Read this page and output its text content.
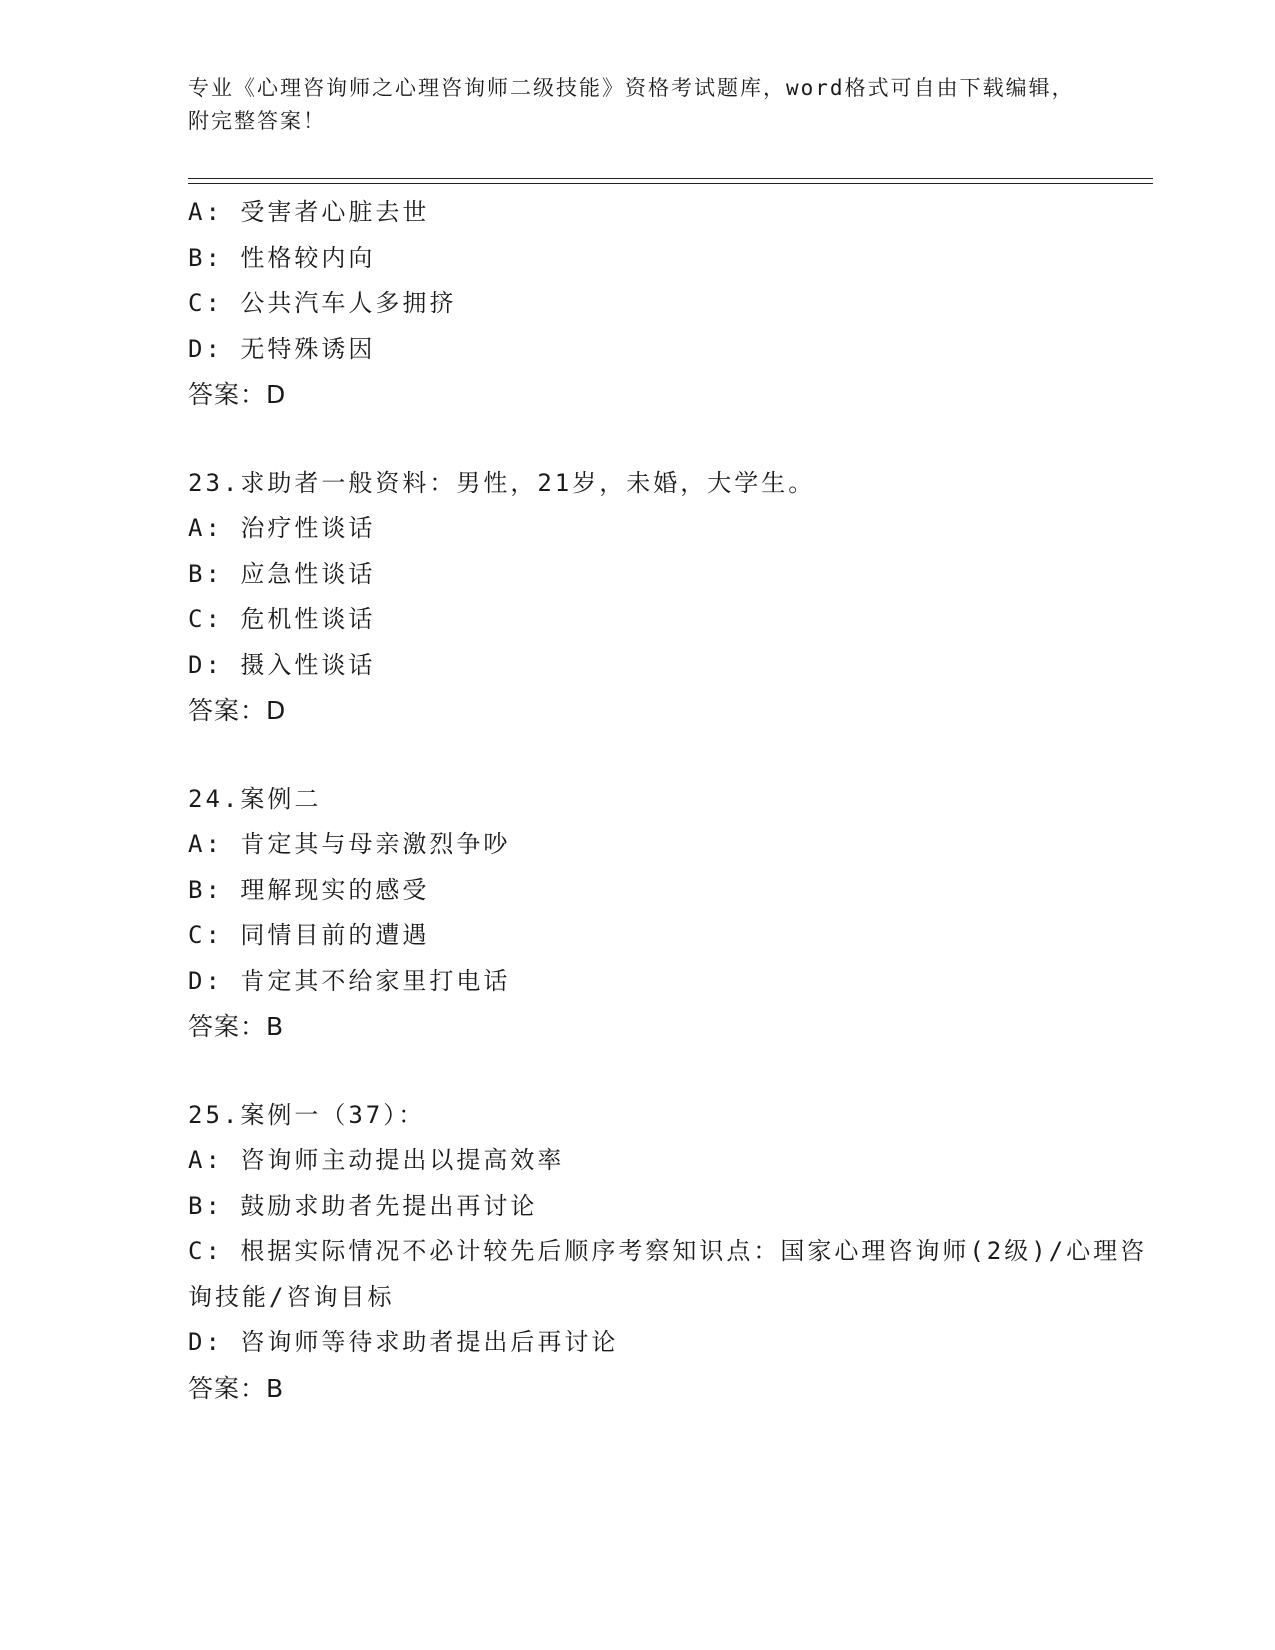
专业《心理咨询师之心理咨询师二级技能》资格考试题库，word格式可自由下载编辑，附完整答案！
A: 受害者心脏去世
B: 性格较内向
C: 公共汽车人多拥挤
D: 无特殊诱因
答案：D
23.求助者一般资料：男性，21岁，未婚，大学生。
A: 治疗性谈话
B: 应急性谈话
C: 危机性谈话
D: 摄入性谈话
答案：D
24.案例二
A: 肯定其与母亲激烈争吵
B: 理解现实的感受
C: 同情目前的遭遇
D: 肯定其不给家里打电话
答案：B
25.案例一（37）：
A: 咨询师主动提出以提高效率
B: 鼓励求助者先提出再讨论
C: 根据实际情况不必计较先后顺序考察知识点：国家心理咨询师(2级)/心理咨询技能/咨询目标
D: 咨询师等待求助者提出后再讨论
答案：B
